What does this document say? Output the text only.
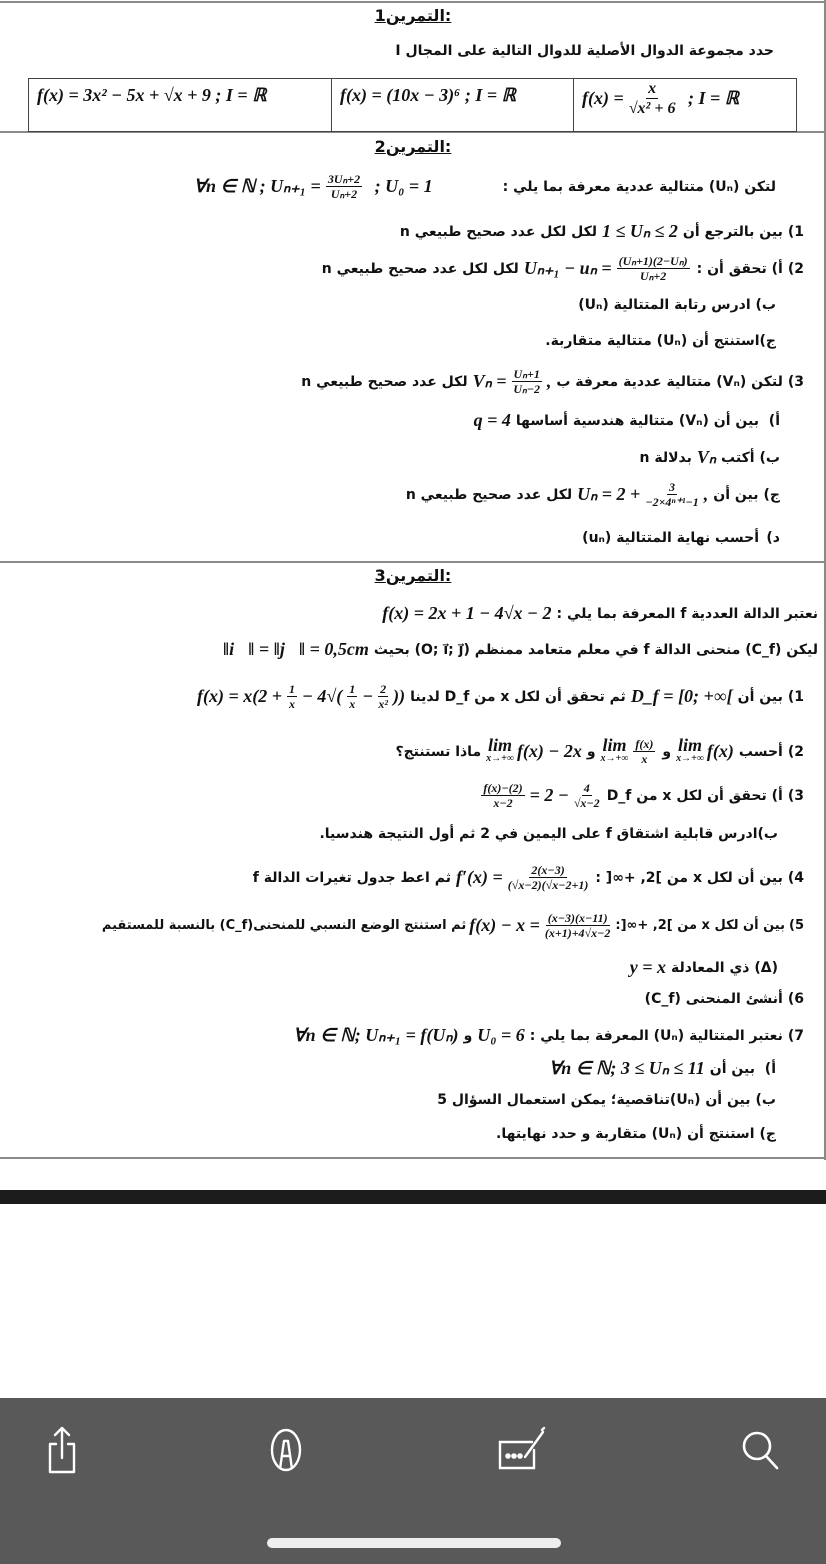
التمرين1:
حدد مجموعة الدوال الأصلية للدوال التالية على المجال I
f(x) = 3x² − 5x + √x + 9 ; I = ℝ	f(x) = (10x − 3)⁶ ; I = ℝ	$f(x) = \frac{x}{\text{√x² + 6}}$
; I = ℝ
التمرين2:
لتكن (Uₙ) متتالية عددية معرفة بما يلي :
∀n ∈ ℕ ; $U_{n+1} = \frac{\text{3Uₙ+2}}{\text{Uₙ+2}}$
; U₀ = 1
1)
بين بالترجع أن
1 ≤ Uₙ ≤ 2
لكل لكل عدد صحيح طبيعي n
2)
أ) تحقق أن :
$U_{n+1} - u_n = \frac{\text{(Uₙ+1)(2−Uₙ)}}{\text{Uₙ+2}}$
لكل لكل عدد صحيح طبيعي n
ب) ادرس رتابة المتتالية (Uₙ)
ج)استنتج أن (Uₙ) متتالية متقاربة.
3)
لتكن (Vₙ) متتالية عددية معرفة ب
$V_n = \frac{\text{Uₙ+1}}{\text{Uₙ−2}}$ ,
لكل عدد صحيح طبيعي n
أ)
بين أن (Vₙ) متتالية هندسية أساسها
q = 4
ب)
أكتب
Vₙ
بدلالة n
ج)
بين أن
$U_n = 2 + \frac{3}{\text{−2×4ⁿ⁺¹−1}}$ ,
لكل عدد صحيح طبيعي n
د)
أحسب نهاية المتتالية (uₙ)
التمرين3:
نعتبر الدالة العددية f المعرفة بما يلي :
f(x) = 2x + 1 − 4√x − 2
ليكن (C_f) منحنى الدالة f في معلم متعامد ممنظم (O; i⃗; j⃗) بحيث
‖i⃗‖ = ‖j⃗‖ = 0,5cm
1)
بين أن
D_f = [0; +∞[
ثم تحقق أن لكل x من D_f لدينا
$f(x) = x(2 + \frac{1}{x} - 4√( \frac{1}{x} - \frac{2}{\text{x²}}$ ))
2)
أحسب
lim
x→+∞ f(x)
و
lim
$x\to+\infty \frac{f(x)}{x}$
و
lim
x→+∞ f(x) − 2x
ماذا تستنتج؟
3)
أ) تحقق أن لكل x من D_f
$\frac{f(x)-(2)}{x-2} = 2 - \frac{4}{√x-2}$
ب)ادرس قابلية اشتقاق f على اليمين في 2 ثم أول النتيجة هندسيا.
4)
بين أن لكل x من ]2, +∞[ :
$f'(x) = \frac{2(x-3)}{(√x-2)(√x-2+1)}$
ثم اعط جدول تغيرات الدالة f
5)
بين أن لكل x من ]2, +∞[:
$f(x) - x = \frac{(x-3)(x-11)}{(x+1)+4√x-2}$
ثم استنتج الوضع النسبي للمنحنى(C_f) بالنسبة للمستقيم
(Δ) ذي المعادلة
y = x
6)
أنشئ المنحنى (C_f)
7)
نعتبر المتتالية (Uₙ) المعرفة بما يلي :
U₀ = 6
و
∀n ∈ ℕ; Uₙ₊₁ = f(Uₙ)
أ)
بين أن
∀n ∈ ℕ; 3 ≤ Uₙ ≤ 11
ب)
بين أن (Uₙ)تناقصية؛ يمكن استعمال السؤال 5
ج)
استنتج أن (Uₙ) متقاربة و حدد نهايتها.
